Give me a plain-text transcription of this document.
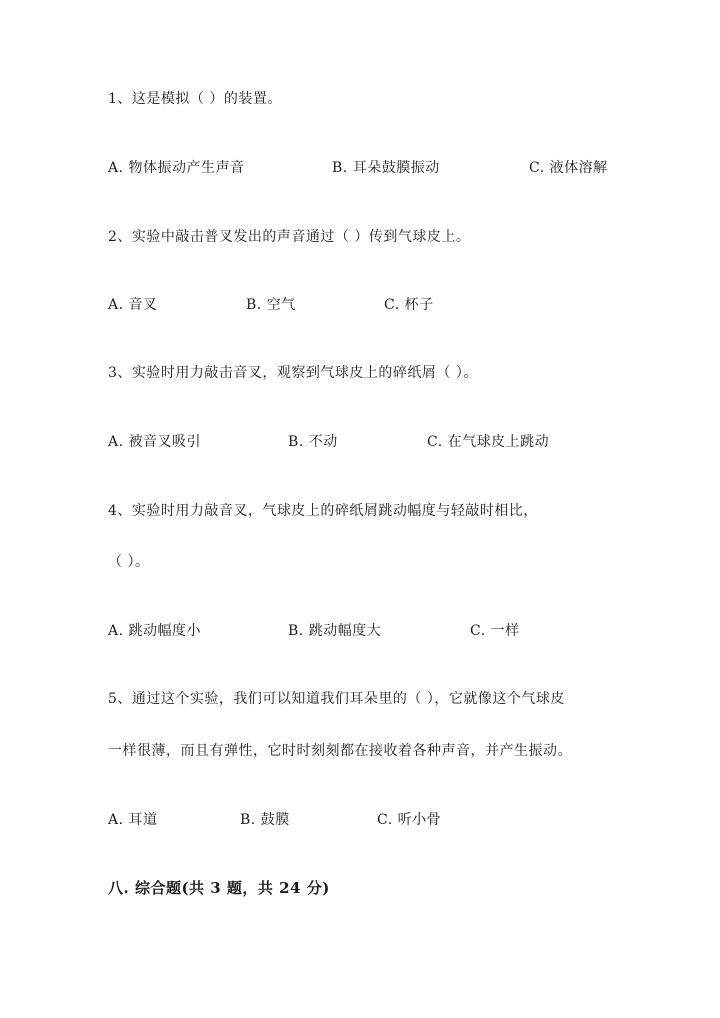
1、这是模拟（ ）的装置。
A. 物体振动产生声音	B. 耳朵鼓膜振动	C. 液体溶解
2、实验中敲击普叉发出的声音通过（ ）传到气球皮上。
A. 音叉	B. 空气	C. 杯子
3、实验时用力敲击音叉，观察到气球皮上的碎纸屑（ ）。
A. 被音叉吸引	B. 不动	C. 在气球皮上跳动
4、实验时用力敲音叉，气球皮上的碎纸屑跳动幅度与轻敲时相比，
（ ）。
A. 跳动幅度小	B. 跳动幅度大	C. 一样
5、通过这个实验，我们可以知道我们耳朵里的（ ），它就像这个气球皮
一样很薄，而且有弹性，它时时刻刻都在接收着各种声音，并产生振动。
A. 耳道	B. 鼓膜	C. 听小骨
八. 综合题(共 3 题，共 24 分)
